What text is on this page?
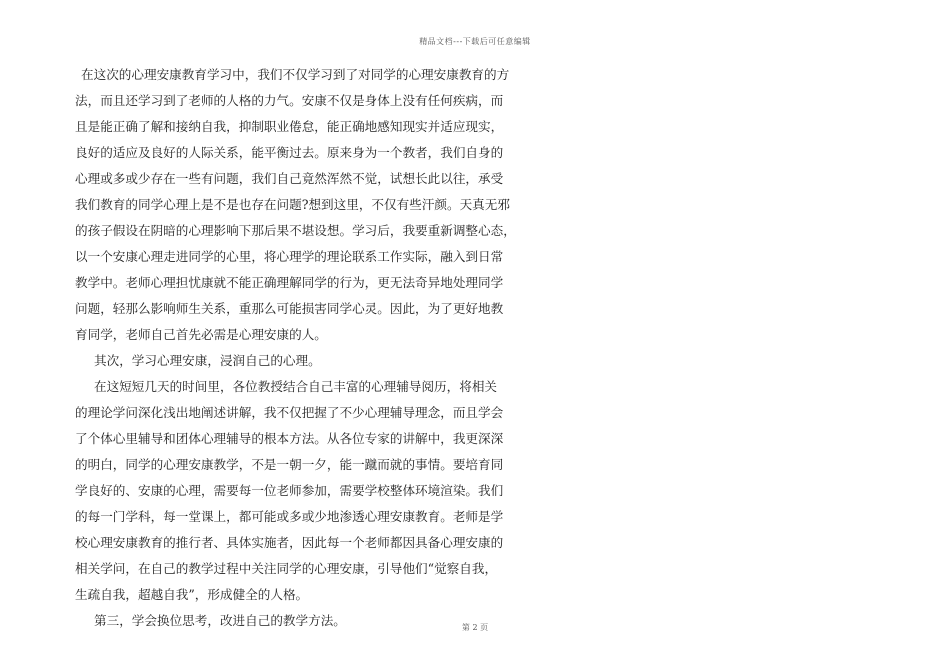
精品文档---下载后可任意编辑
在这次的心理安康教育学习中，我们不仅学习到了对同学的心理安康教育的方
法，而且还学习到了老师的人格的力气。安康不仅是身体上没有任何疾病，而
且是能正确了解和接纳自我，抑制职业倦怠，能正确地感知现实并适应现实，
良好的适应及良好的人际关系，能平衡过去。原来身为一个教者，我们自身的
心理或多或少存在一些有问题，我们自己竟然浑然不觉，试想长此以往，承受
我们教育的同学心理上是不是也存在问题?想到这里，不仅有些汗颜。天真无邪
的孩子假设在阴暗的心理影响下那后果不堪设想。学习后，我要重新调整心态，
以一个安康心理走进同学的心里，将心理学的理论联系工作实际，融入到日常
教学中。老师心理担忧康就不能正确理解同学的行为，更无法奇异地处理同学
问题，轻那么影响师生关系，重那么可能损害同学心灵。因此，为了更好地教
育同学，老师自己首先必需是心理安康的人。
其次，学习心理安康，浸润自己的心理。
在这短短几天的时间里，各位教授结合自己丰富的心理辅导阅历，将相关
的理论学问深化浅出地阐述讲解，我不仅把握了不少心理辅导理念，而且学会
了个体心里辅导和团体心理辅导的根本方法。从各位专家的讲解中，我更深深
的明白，同学的心理安康教学，不是一朝一夕，能一蹴而就的事情。要培育同
学良好的、安康的心理，需要每一位老师参加，需要学校整体环境渲染。我们
的每一门学科，每一堂课上，都可能或多或少地渗透心理安康教育。老师是学
校心理安康教育的推行者、具体实施者，因此每一个老师都因具备心理安康的
相关学问，在自己的教学过程中关注同学的心理安康，引导他们“觉察自我，
生疏自我，超越自我”，形成健全的人格。
第三，学会换位思考，改进自己的教学方法。	第 2 页
